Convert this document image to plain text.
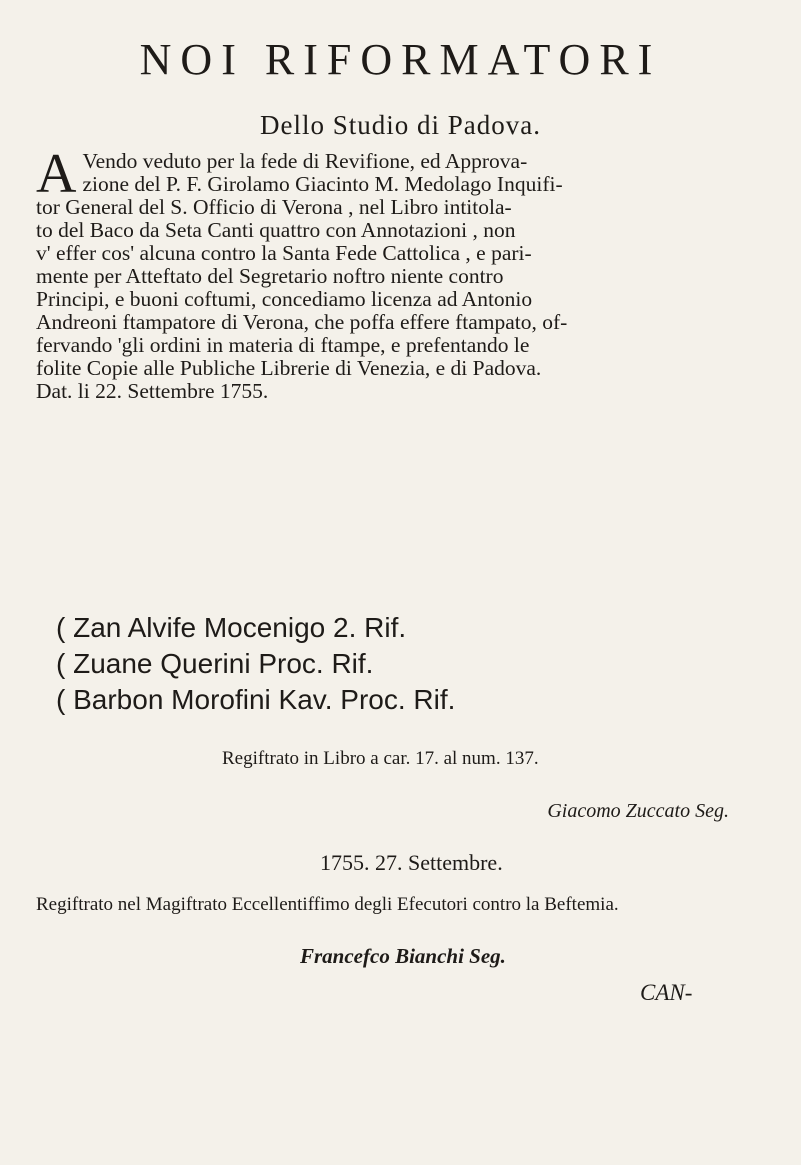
NOI RIFORMATORI
Dello Studio di Padova.
A Vendo veduto per la fede di Revifione, ed Approva-
zione del P. F. Girolamo Giacinto M. Medolago Inquifi-
tor General del S. Officio di Verona , nel Libro intitola-
to del Baco da Seta Canti quattro con Annotazioni , non
v' effer cos' alcuna contro la Santa Fede Cattolica , e pari-
mente per Atteftato del Segretario noftro niente contro
Principi, e buoni coftumi, concediamo licenza ad Antonio
Andreoni ftampatore di Verona, che poffa effere ftampato, of-
fervando 'gli ordini in materia di ftampe, e prefentando le
folite Copie alle Publiche Librerie di Venezia, e di Padova.
Dat. li 22. Settembre 1755.
( Zan Alvife Mocenigo 2. Rif.
( Zuane Querini Proc. Rif.
( Barbon Morofini Kav. Proc. Rif.
Regiftrato in Libro a car. 17. al num. 137.
Giacomo Zuccato Seg.
1755. 27. Settembre.
Regiftrato nel Magiftrato Eccellentiffimo degli Efecutori contro la Beftemia.
Francefco Bianchi Seg.
CAN-
